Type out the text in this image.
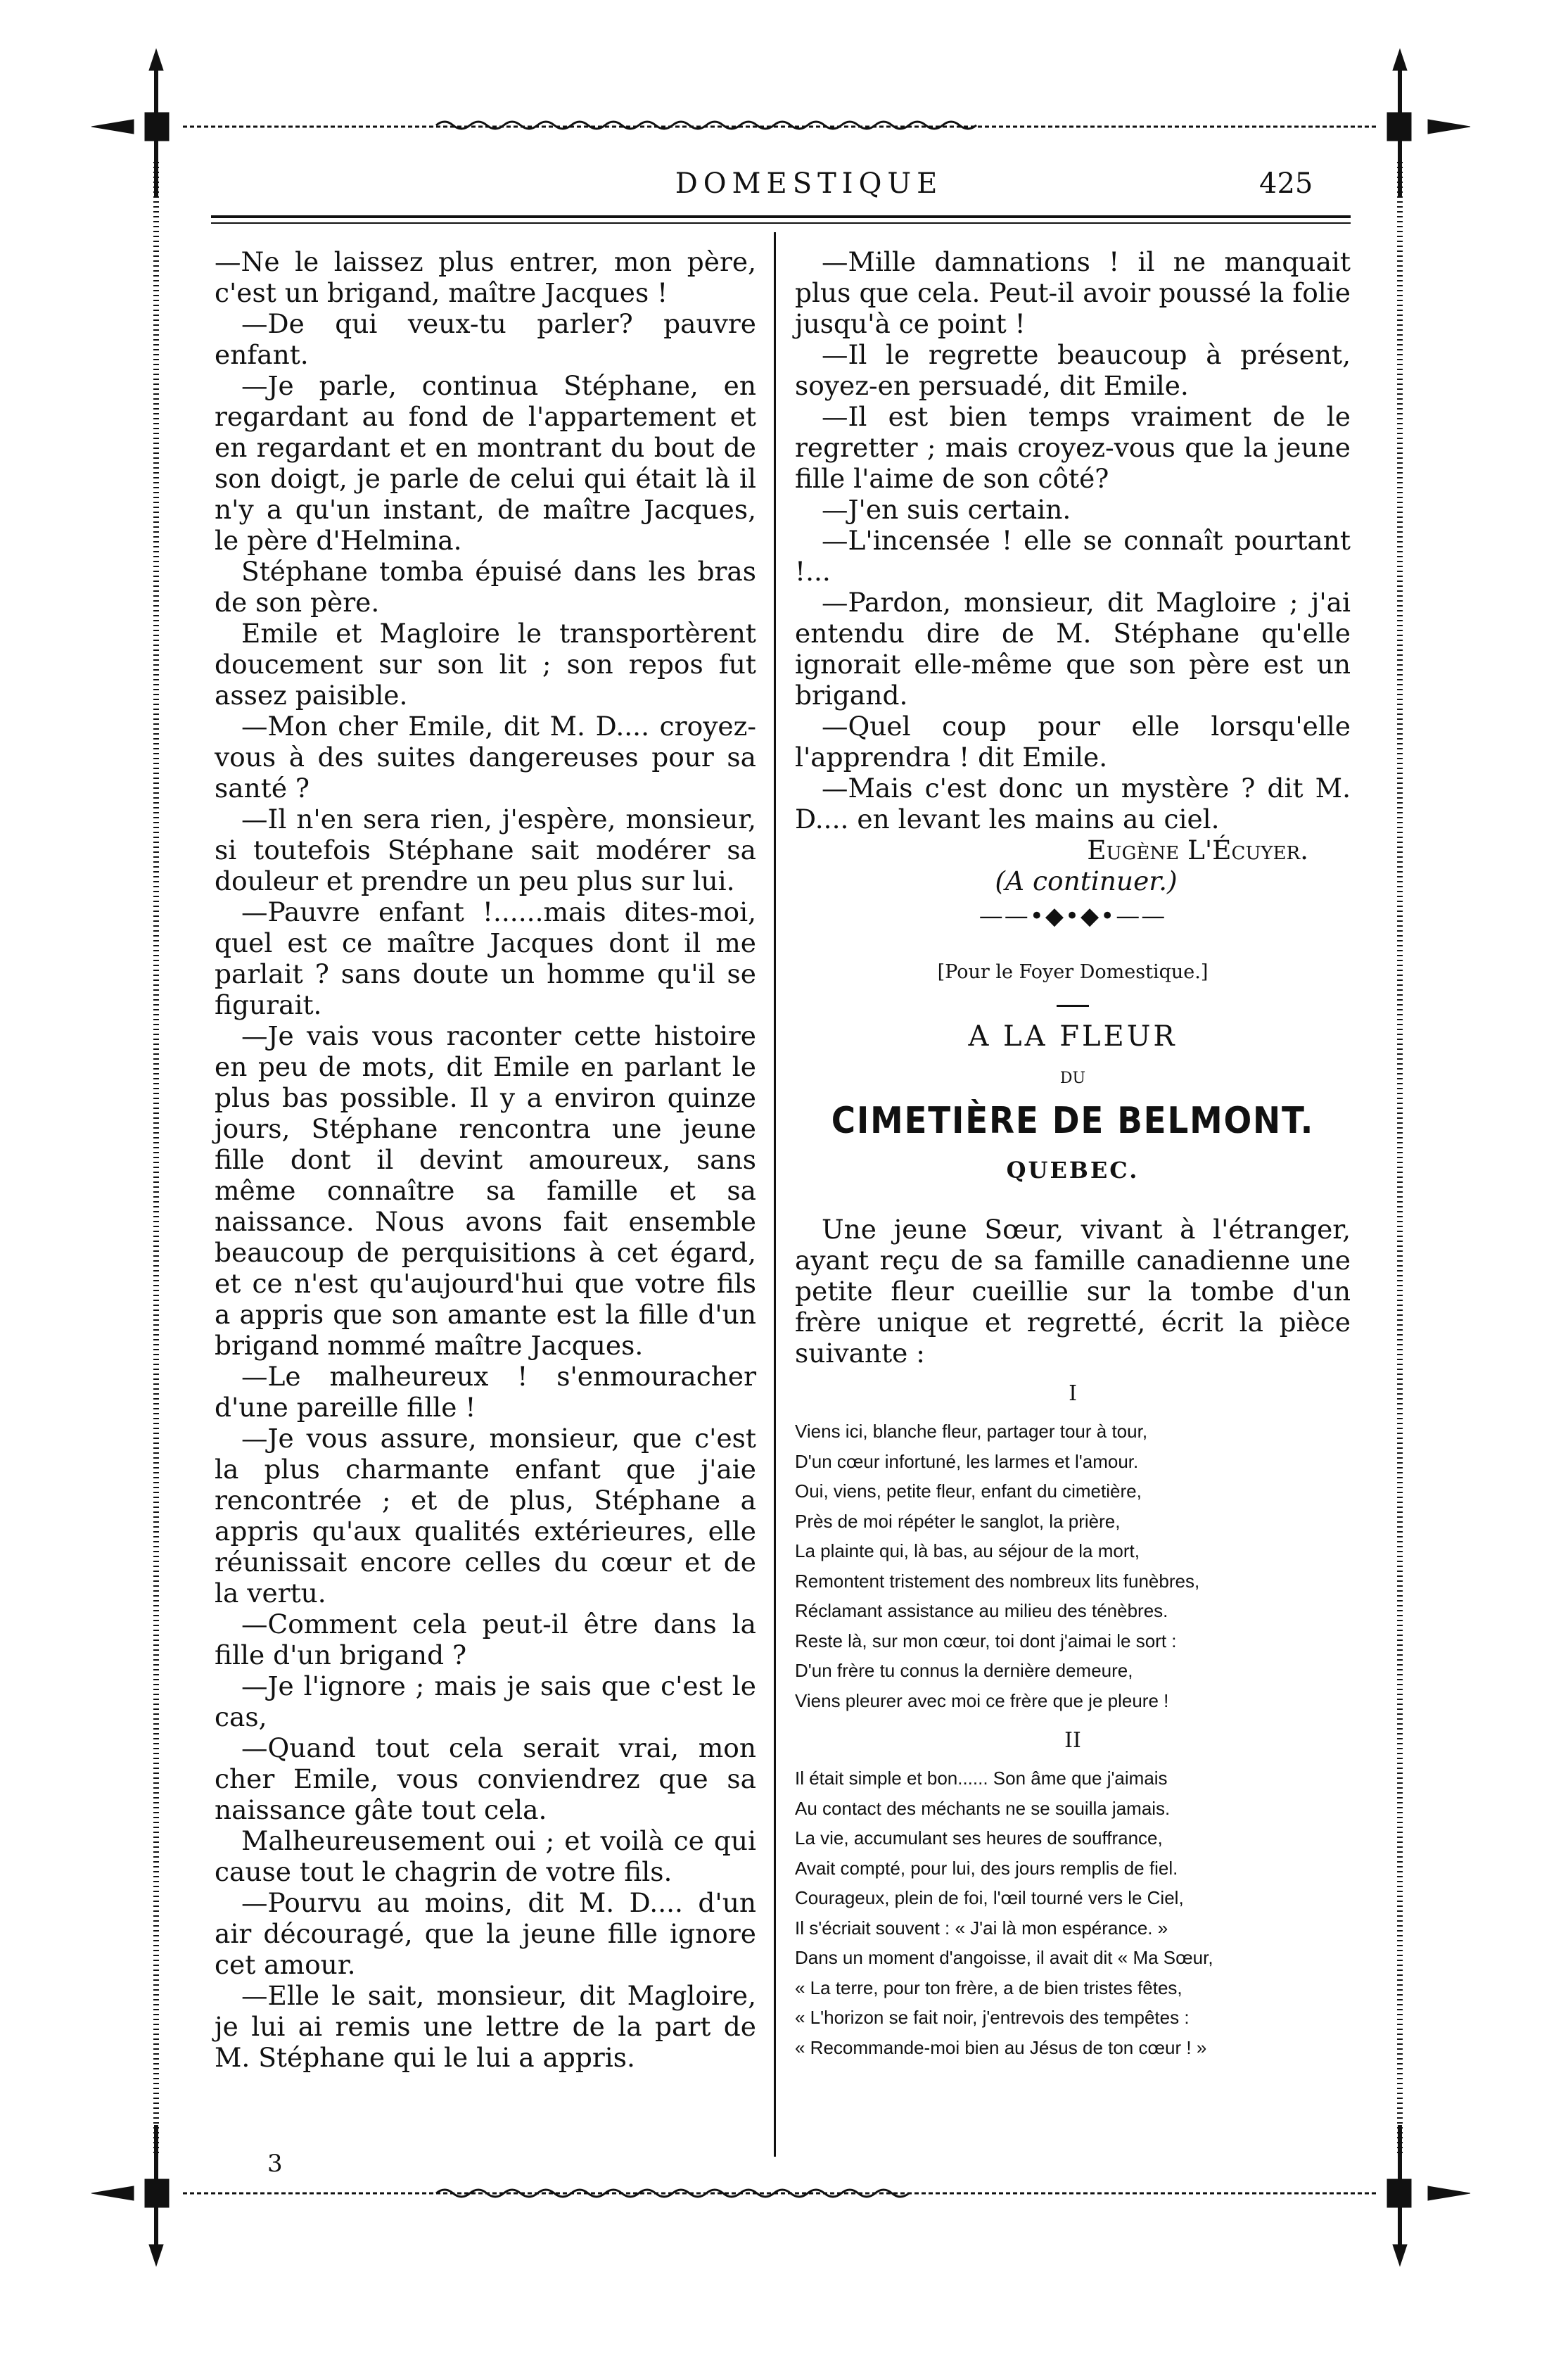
DOMESTIQUE	425

—Ne le laissez plus entrer, mon père, c'est un brigand, maître Jacques !

—De qui veux-tu parler? pauvre enfant.

—Je parle, continua Stéphane, en regardant au fond de l'appartement et en regardant et en montrant du bout de son doigt, je parle de celui qui était là il n'y a qu'un instant, de maître Jacques, le père d'Helmina.

Stéphane tomba épuisé dans les bras de son père.

Emile et Magloire le transportèrent doucement sur son lit ; son repos fut assez paisible.

—Mon cher Emile, dit M. D.... croyez-vous à des suites dangereuses pour sa santé ?

—Il n'en sera rien, j'espère, monsieur, si toutefois Stéphane sait modérer sa douleur et prendre un peu plus sur lui.

—Pauvre enfant !......mais dites-moi, quel est ce maître Jacques dont il me parlait ? sans doute un homme qu'il se figurait.

—Je vais vous raconter cette histoire en peu de mots, dit Emile en parlant le plus bas possible. Il y a environ quinze jours, Stéphane rencontra une jeune fille dont il devint amoureux, sans même connaître sa famille et sa naissance. Nous avons fait ensemble beaucoup de perquisitions à cet égard, et ce n'est qu'aujourd'hui que votre fils a appris que son amante est la fille d'un brigand nommé maître Jacques.

—Le malheureux ! s'enmouracher d'une pareille fille !

—Je vous assure, monsieur, que c'est la plus charmante enfant que j'aie rencontrée ; et de plus, Stéphane a appris qu'aux qualités extérieures, elle réunissait encore celles du cœur et de la vertu.

—Comment cela peut-il être dans la fille d'un brigand ?

—Je l'ignore ; mais je sais que c'est le cas,

—Quand tout cela serait vrai, mon cher Emile, vous conviendrez que sa naissance gâte tout cela.

Malheureusement oui ; et voilà ce qui cause tout le chagrin de votre fils.

—Pourvu au moins, dit M. D.... d'un air découragé, que la jeune fille ignore cet amour.

—Elle le sait, monsieur, dit Magloire, je lui ai remis une lettre de la part de M. Stéphane qui le lui a appris.

3

—Mille damnations ! il ne manquait plus que cela. Peut-il avoir poussé la folie jusqu'à ce point !

—Il le regrette beaucoup à présent, soyez-en persuadé, dit Emile.

—Il est bien temps vraiment de le regretter ; mais croyez-vous que la jeune fille l'aime de son côté?

—J'en suis certain.

—L'incensée ! elle se connaît pourtant !...

—Pardon, monsieur, dit Magloire ; j'ai entendu dire de M. Stéphane qu'elle ignorait elle-même que son père est un brigand.

—Quel coup pour elle lorsqu'elle l'apprendra ! dit Emile.

—Mais c'est donc un mystère ? dit M. D.... en levant les mains au ciel.

Eugène L'Écuyer.

(A continuer.)

——•◆•◆•——
[Pour le Foyer Domestique.]
A LA FLEUR
DU
CIMETIÈRE DE BELMONT.
QUEBEC.

Une jeune Sœur, vivant à l'étranger, ayant reçu de sa famille canadienne une petite fleur cueillie sur la tombe d'un frère unique et regretté, écrit la pièce suivante :

I
Viens ici, blanche fleur, partager tour à tour,
D'un cœur infortuné, les larmes et l'amour.
Oui, viens, petite fleur, enfant du cimetière,
Près de moi répéter le sanglot, la prière,
La plainte qui, là bas, au séjour de la mort,
Remontent tristement des nombreux lits funèbres,
Réclamant assistance au milieu des ténèbres.
Reste là, sur mon cœur, toi dont j'aimai le sort :
D'un frère tu connus la dernière demeure,
Viens pleurer avec moi ce frère que je pleure !
II
Il était simple et bon...... Son âme que j'aimais
Au contact des méchants ne se souilla jamais.
La vie, accumulant ses heures de souffrance,
Avait compté, pour lui, des jours remplis de fiel.
Courageux, plein de foi, l'œil tourné vers le Ciel,
Il s'écriait souvent : « J'ai là mon espérance. »
Dans un moment d'angoisse, il avait dit « Ma Sœur,
« La terre, pour ton frère, a de bien tristes fêtes,
« L'horizon se fait noir, j'entrevois des tempêtes :
« Recommande-moi bien au Jésus de ton cœur ! »
